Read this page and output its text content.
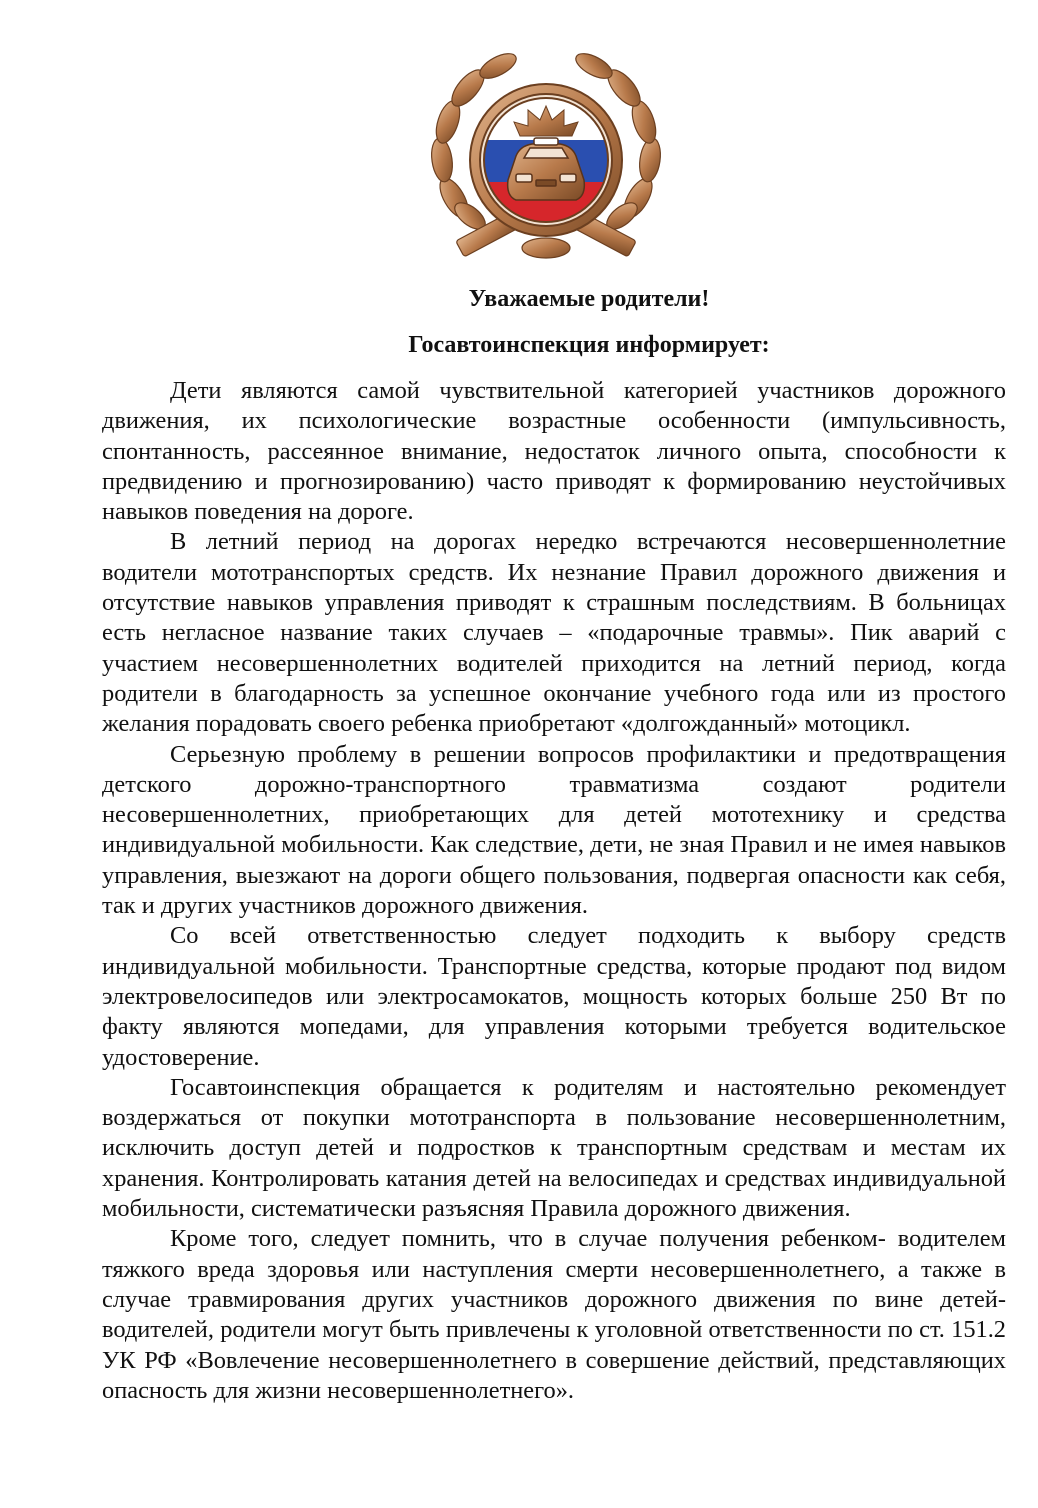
Уважаемые родители!
Госавтоинспекция информирует:

Дети являются самой чувствительной категорией участников дорожного движения, их психологические возрастные особенности (импульсивность, спонтанность, рассеянное внимание, недостаток личного опыта, способности к предвидению и прогнозированию) часто приводят к формированию неустойчивых навыков поведения на дороге.

В летний период на дорогах нередко встречаются несовершеннолетние водители мототранспортых средств. Их незнание Правил дорожного движения и отсутствие навыков управления приводят к страшным последствиям. В больницах есть негласное название таких случаев – «подарочные травмы». Пик аварий с участием несовершеннолетних водителей приходится на летний период, когда родители в благодарность за успешное окончание учебного года или из простого желания порадовать своего ребенка приобретают «долгожданный» мотоцикл.

Серьезную проблему в решении вопросов профилактики и предотвращения детского дорожно-транспортного травматизма создают родители несовершеннолетних, приобретающих для детей мототехнику и средства индивидуальной мобильности. Как следствие, дети, не зная Правил и не имея навыков управления, выезжают на дороги общего пользования, подвергая опасности как себя, так и других участников дорожного движения.

Со всей ответственностью следует подходить к выбору средств индивидуальной мобильности. Транспортные средства, которые продают под видом электровелосипедов или электросамокатов, мощность которых больше 250 Вт по факту являются мопедами, для управления которыми требуется водительское удостоверение.

Госавтоинспекция обращается к родителям и настоятельно рекомендует воздержаться от покупки мототранспорта в пользование несовершеннолетним, исключить доступ детей и подростков к транспортным средствам и местам их хранения. Контролировать катания детей на велосипедах и средствах индивидуальной мобильности, систематически разъясняя Правила дорожного движения.

Кроме того, следует помнить, что в случае получения ребенком- водителем тяжкого вреда здоровья или наступления смерти несовершеннолетнего, а также в случае травмирования других участников дорожного движения по вине детей-водителей, родители могут быть привлечены к уголовной ответственности по ст. 151.2 УК РФ «Вовлечение несовершеннолетнего в совершение действий, представляющих опасность для жизни несовершеннолетнего».
